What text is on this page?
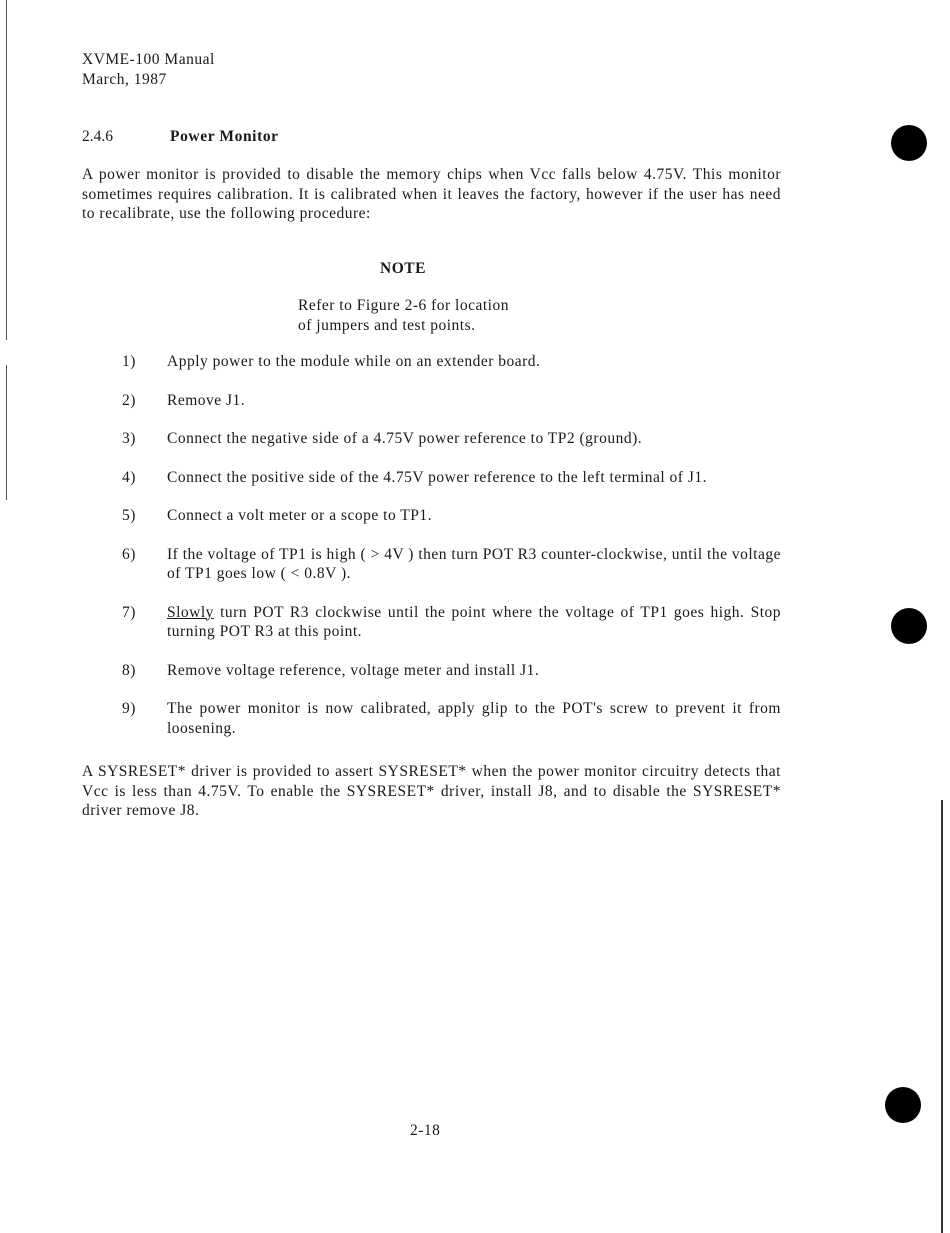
XVME-100 Manual
March, 1987
2.4.6	Power Monitor
A power monitor is provided to disable the memory chips when Vcc falls below 4.75V. This monitor sometimes requires calibration. It is calibrated when it leaves the factory, however if the user has need to recalibrate, use the following procedure:
NOTE
Refer to Figure 2-6 for location
of jumpers and test points.
1)	Apply power to the module while on an extender board.
2)	Remove J1.
3)	Connect the negative side of a 4.75V power reference to TP2 (ground).
4)	Connect the positive side of the 4.75V power reference to the left terminal of J1.
5)	Connect a volt meter or a scope to TP1.
6)	If the voltage of TP1 is high ( > 4V ) then turn POT R3 counter-clockwise, until the voltage of TP1 goes low ( < 0.8V ).
7)	Slowly turn POT R3 clockwise until the point where the voltage of TP1 goes high. Stop turning POT R3 at this point.
8)	Remove voltage reference, voltage meter and install J1.
9)	The power monitor is now calibrated, apply glip to the POT's screw to prevent it from loosening.
A SYSRESET* driver is provided to assert SYSRESET* when the power monitor circuitry detects that Vcc is less than 4.75V. To enable the SYSRESET* driver, install J8, and to disable the SYSRESET* driver remove J8.
2-18
